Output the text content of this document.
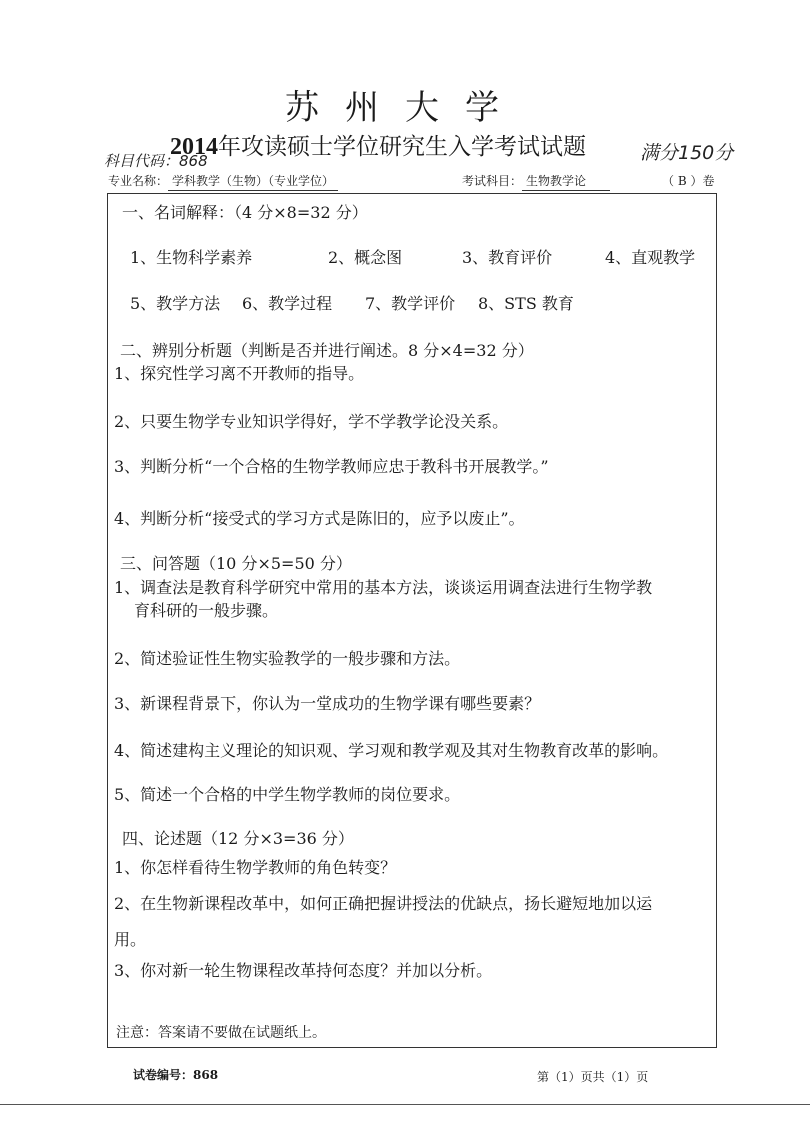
苏州大学
2014年攻读硕士学位研究生入学考试试题
科目代码：868	满分150分
专业名称： 学科教学（生物）（专业学位）	考试科目： 生物教学论	（ B ）卷
一、名词解释：（4 分×8=32 分）
1、生物科学素养	2、概念图	3、教育评价	4、直观教学
5、教学方法 6、教学过程 7、教学评价 8、STS 教育
二、辨别分析题（判断是否并进行阐述。8 分×4=32 分）
1、探究性学习离不开教师的指导。
2、只要生物学专业知识学得好，学不学教学论没关系。
3、判断分析“一个合格的生物学教师应忠于教科书开展教学。”
4、判断分析“接受式的学习方式是陈旧的，应予以废止”。
三、问答题（10 分×5=50 分）
1、调查法是教育科学研究中常用的基本方法，谈谈运用调查法进行生物学教
育科研的一般步骤。
2、简述验证性生物实验教学的一般步骤和方法。
3、新课程背景下，你认为一堂成功的生物学课有哪些要素？
4、简述建构主义理论的知识观、学习观和教学观及其对生物教育改革的影响。
5、简述一个合格的中学生物学教师的岗位要求。
四、论述题（12 分×3=36 分）
1、你怎样看待生物学教师的角色转变？
2、在生物新课程改革中，如何正确把握讲授法的优缺点，扬长避短地加以运
用。
3、你对新一轮生物课程改革持何态度？并加以分析。
注意：答案请不要做在试题纸上。
试卷编号：868	第（1）页共（1）页
